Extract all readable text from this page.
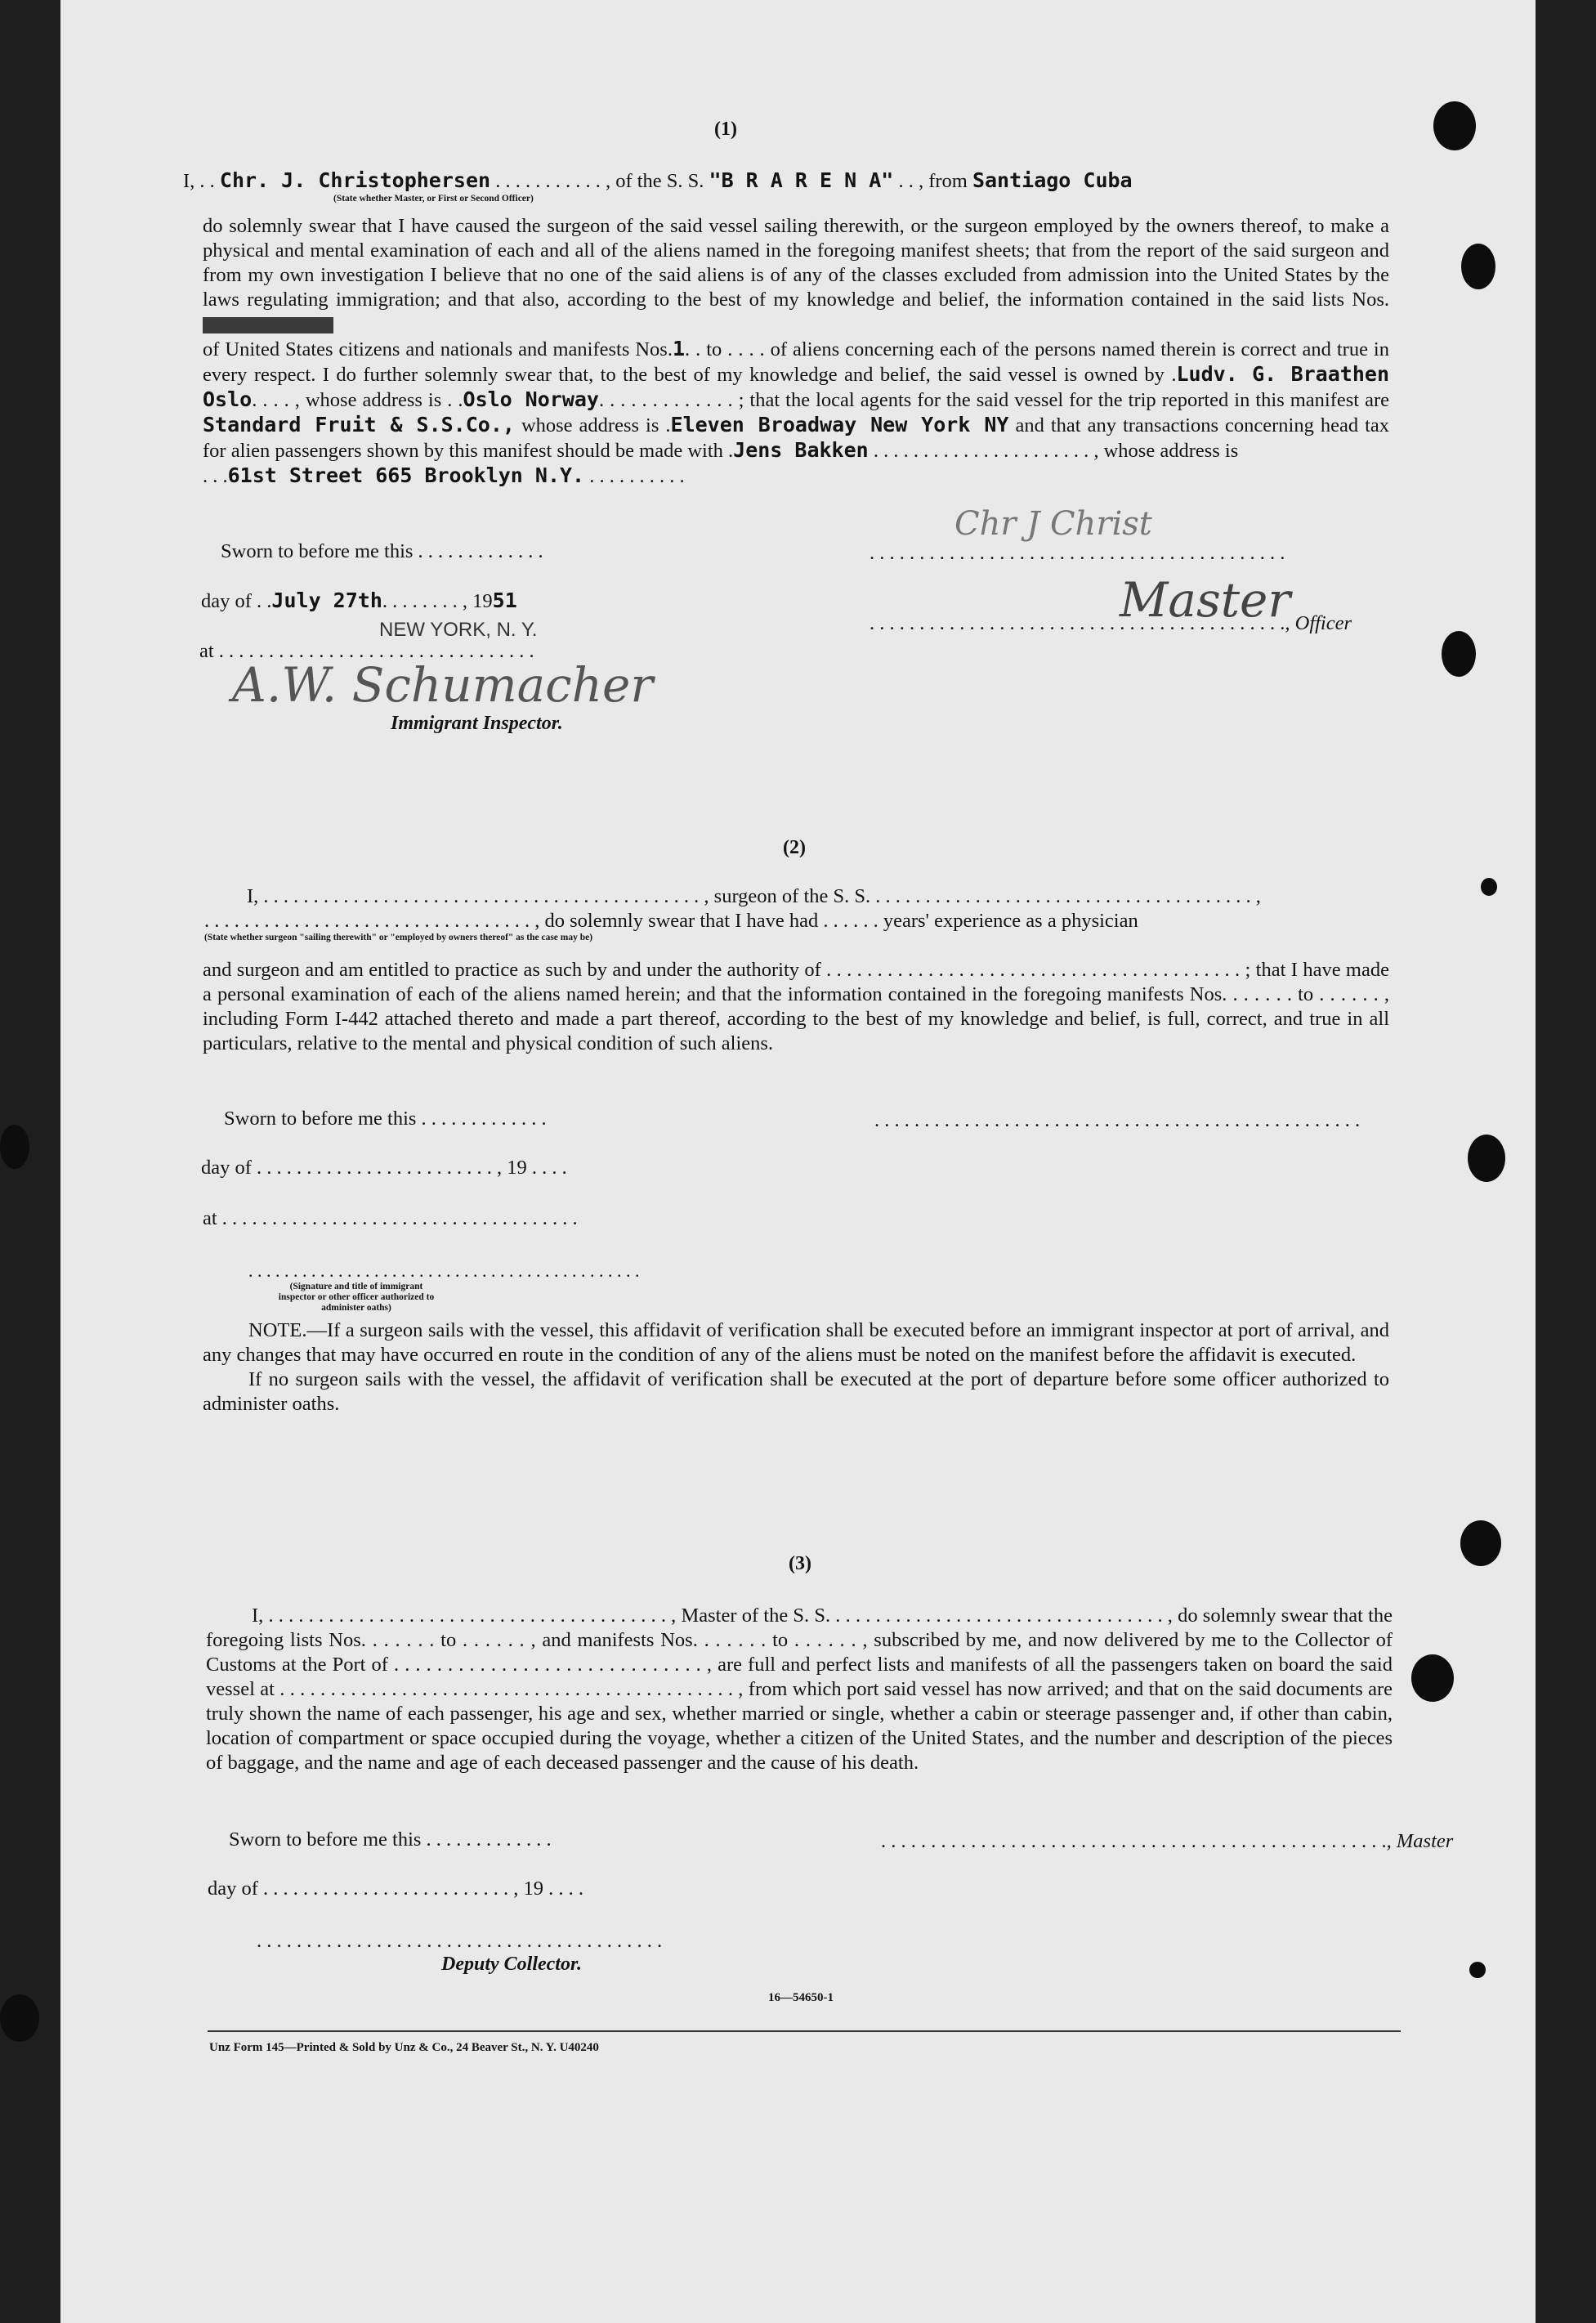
(1)
I, . . Chr. J. Christophersen . . . . . . . . . . . , of the S. S. "B R A R E N A" . . , from Santiago Cuba
(State whether Master, or First or Second Officer)

do solemnly swear that I have caused the surgeon of the said vessel sailing therewith, or the surgeon employed by the owners thereof, to make a physical and mental examination of each and all of the aliens named in the foregoing manifest sheets; that from the report of the said surgeon and from my own investigation I believe that no one of the said aliens is of any of the classes excluded from admission into the United States by the laws regulating immigration; and that also, according to the best of my knowledge and belief, the information contained in the said lists Nos.

of United States citizens and nationals and manifests Nos.1. . to . . . . of aliens concerning each of the persons named therein is correct and true in every respect. I do further solemnly swear that, to the best of my knowledge and belief, the said vessel is owned by .Ludv. G. Braathen Oslo. . . . , whose address is . .Oslo Norway. . . . . . . . . . . . . ; that the local agents for the said vessel for the trip reported in this manifest are Standard Fruit & S.S.Co., whose address is .Eleven Broadway New York NY and that any transactions concerning head tax for alien passengers shown by this manifest should be made with .Jens Bakken . . . . . . . . . . . . . . . . . . . . . . , whose address is

. . .61st Street 665 Brooklyn N.Y. . . . . . . . . . .

Sworn to before me this . . . . . . . . . . . . .	. . . . . . . . . . . . . . . . . . . . . . . . . . . . . . . . . . . . . . . . . .
Chr J Christ
day of . .July 27th. . . . . . . . , 1951
NEW YORK, N. Y.	. . . . . . . . . . . . . . . . . . . . . . . . . . . . . . . . . . . . . . . . . ., Officer
Master
at . . . . . . . . . . . . . . . . . . . . . . . . . . . . . . . .
A.W. Schumacher
Immigrant Inspector.
(2)
I, . . . . . . . . . . . . . . . . . . . . . . . . . . . . . . . . . . . . . . . . . . . . , surgeon of the S. S. . . . . . . . . . . . . . . . . . . . . . . . . . . . . . . . . . . . . . . ,
. . . . . . . . . . . . . . . . . . . . . . . . . . . . . . . . . , do solemnly swear that I have had . . . . . . years' experience as a physician
(State whether surgeon "sailing therewith" or "employed by owners thereof" as the case may be)
and surgeon and am entitled to practice as such by and under the authority of . . . . . . . . . . . . . . . . . . . . . . . . . . . . . . . . . . . . . . . . . ; that I have made a personal examination of each of the aliens named herein; and that the information contained in the foregoing manifests Nos. . . . . . . to . . . . . . , including Form I-442 attached thereto and made a part thereof, according to the best of my knowledge and belief, is full, correct, and true in all particulars, relative to the mental and physical condition of such aliens.
Sworn to before me this . . . . . . . . . . . . .	. . . . . . . . . . . . . . . . . . . . . . . . . . . . . . . . . . . . . . . . . . . . . . . . .
day of . . . . . . . . . . . . . . . . . . . . . . . . , 19 . . . .
at . . . . . . . . . . . . . . . . . . . . . . . . . . . . . . . . . . . .
. . . . . . . . . . . . . . . . . . . . . . . . . . . . . . . . . . . . . . . . . . . .
(Signature and title of immigrant inspector or other officer authorized to administer oaths)

NOTE.—If a surgeon sails with the vessel, this affidavit of verification shall be executed before an immigrant inspector at port of arrival, and any changes that may have occurred en route in the condition of any of the aliens must be noted on the manifest before the affidavit is executed.

If no surgeon sails with the vessel, the affidavit of verification shall be executed at the port of departure before some officer authorized to administer oaths.

(3)
I, . . . . . . . . . . . . . . . . . . . . . . . . . . . . . . . . . . . . . . . . , Master of the S. S. . . . . . . . . . . . . . . . . . . . . . . . . . . . . . . . . . , do solemnly swear that the foregoing lists Nos. . . . . . . to . . . . . . , and manifests Nos. . . . . . . to . . . . . . , subscribed by me, and now delivered by me to the Collector of Customs at the Port of . . . . . . . . . . . . . . . . . . . . . . . . . . . . . , are full and perfect lists and manifests of all the passengers taken on board the said vessel at . . . . . . . . . . . . . . . . . . . . . . . . . . . . . . . . . . . . . . . . . . . . . , from which port said vessel has now arrived; and that on the said documents are truly shown the name of each passenger, his age and sex, whether married or single, whether a cabin or steerage passenger and, if other than cabin, location of compartment or space occupied during the voyage, whether a citizen of the United States, and the number and description of the pieces of baggage, and the name and age of each deceased passenger and the cause of his death.
Sworn to before me this . . . . . . . . . . . . .	. . . . . . . . . . . . . . . . . . . . . . . . . . . . . . . . . . . . . . . . . . . . . . . . . . ., Master
day of . . . . . . . . . . . . . . . . . . . . . . . . . , 19 . . . .
. . . . . . . . . . . . . . . . . . . . . . . . . . . . . . . . . . . . . . . . .
Deputy Collector.
16—54650-1
Unz Form 145—Printed & Sold by Unz & Co., 24 Beaver St., N. Y. U40240
